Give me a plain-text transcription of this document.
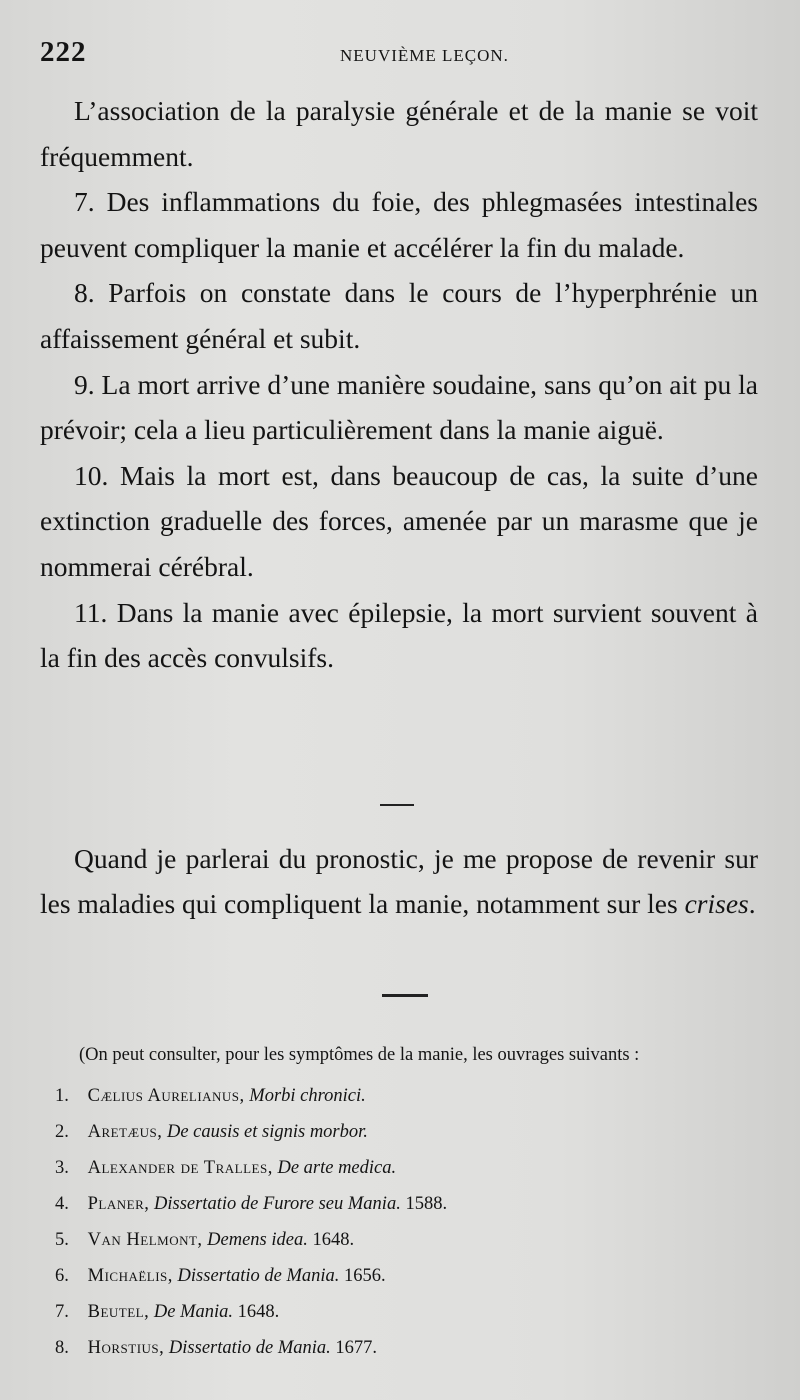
222	NEUVIÈME LEÇON.

L’association de la paralysie générale et de la manie se voit fréquemment.

7. Des inflammations du foie, des phlegmasées intestinales peuvent compliquer la manie et accélérer la fin du malade.

8. Parfois on constate dans le cours de l’hyperphrénie un affaissement général et subit.

9. La mort arrive d’une manière soudaine, sans qu’on ait pu la prévoir; cela a lieu particulièrement dans la manie aiguë.

10. Mais la mort est, dans beaucoup de cas, la suite d’une extinction graduelle des forces, amenée par un marasme que je nommerai cérébral.

11. Dans la manie avec épilepsie, la mort survient souvent à la fin des accès convulsifs.

Quand je parlerai du pronostic, je me propose de revenir sur les maladies qui compliquent la manie, notamment sur les crises.

(On peut consulter, pour les symptômes de la manie, les ouvrages suivants :

1. Cælius Aurelianus, Morbi chronici.
2. Aretæus, De causis et signis morbor.
3. Alexander de Tralles, De arte medica.
4. Planer, Dissertatio de Furore seu Mania. 1588.
5. Van Helmont, Demens idea. 1648.
6. Michaëlis, Dissertatio de Mania. 1656.
7. Beutel, De Mania. 1648.
8. Horstius, Dissertatio de Mania. 1677.
